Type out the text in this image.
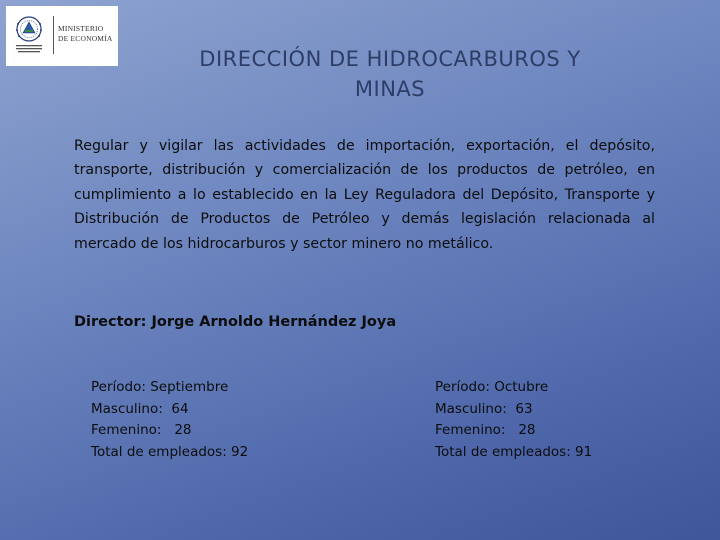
MINISTERIO
DE ECONOMÍA
DIRECCIÓN DE HIDROCARBUROS Y
MINAS
Regular y vigilar las actividades de importación, exportación, el depósito, transporte, distribución y comercialización de los productos de petróleo, en cumplimiento a lo establecido en la Ley Reguladora del Depósito, Transporte y Distribución de Productos de Petróleo y demás legislación relacionada al mercado de los hidrocarburos y sector minero no metálico.
Director: Jorge Arnoldo Hernández Joya
Período: Septiembre
Masculino:  64
Femenino:   28
Total de empleados: 92
Período: Octubre
Masculino:  63
Femenino:   28
Total de empleados: 91
